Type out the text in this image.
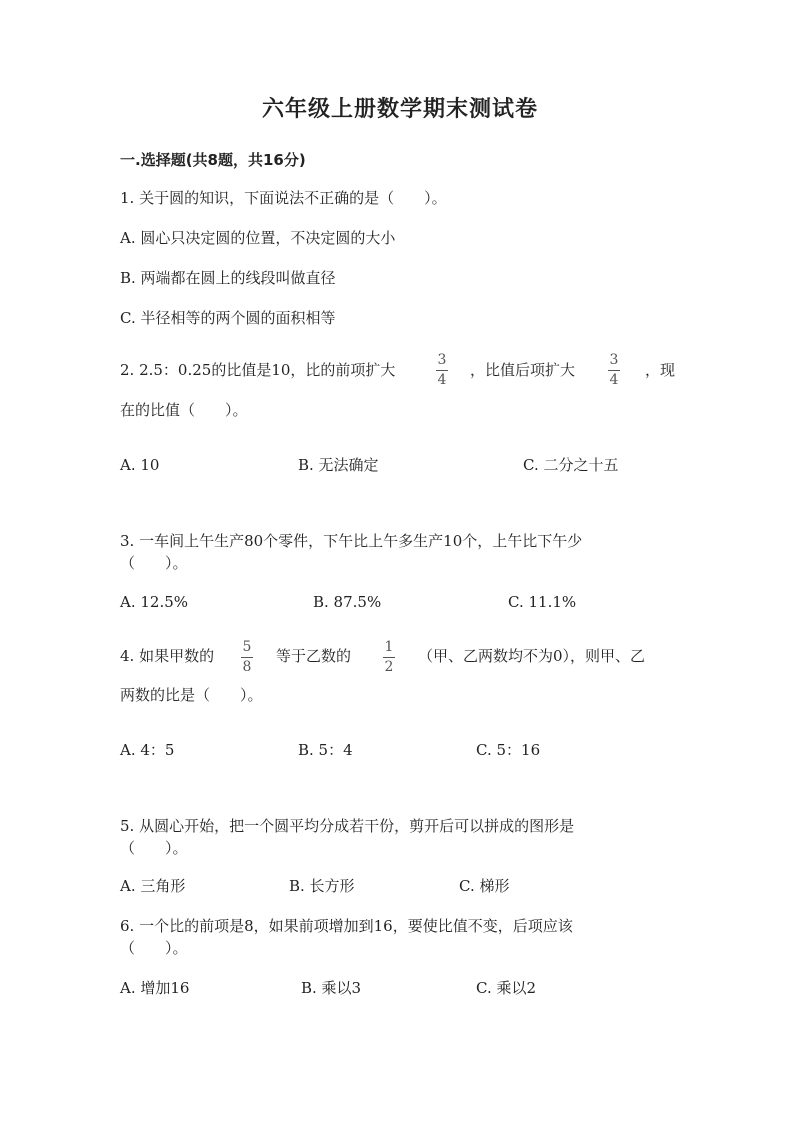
六年级上册数学期末测试卷
一.选择题(共8题，共16分)
1. 关于圆的知识，下面说法不正确的是（　　）。
A. 圆心只决定圆的位置，不决定圆的大小
B. 两端都在圆上的线段叫做直径
C. 半径相等的两个圆的面积相等
2. 2.5：0.25的比值是10，比的前项扩大
3
4
，比值后项扩大
3
4
，现
在的比值（　　）。
A. 10	B. 无法确定	C. 二分之十五
3. 一车间上午生产80个零件，下午比上午多生产10个，上午比下午少
（　　）。
A. 12.5%	B. 87.5%	C. 11.1%
4. 如果甲数的 5
8
等于乙数的 1
2
（甲、乙两数均不为0），则甲、乙
两数的比是（　　）。
A. 4：5	B. 5：4	C. 5：16
5. 从圆心开始，把一个圆平均分成若干份，剪开后可以拼成的图形是
（　　）。
A. 三角形	B. 长方形	C. 梯形
6. 一个比的前项是8，如果前项增加到16，要使比值不变，后项应该
（　　）。
A. 增加16	B. 乘以3	C. 乘以2
